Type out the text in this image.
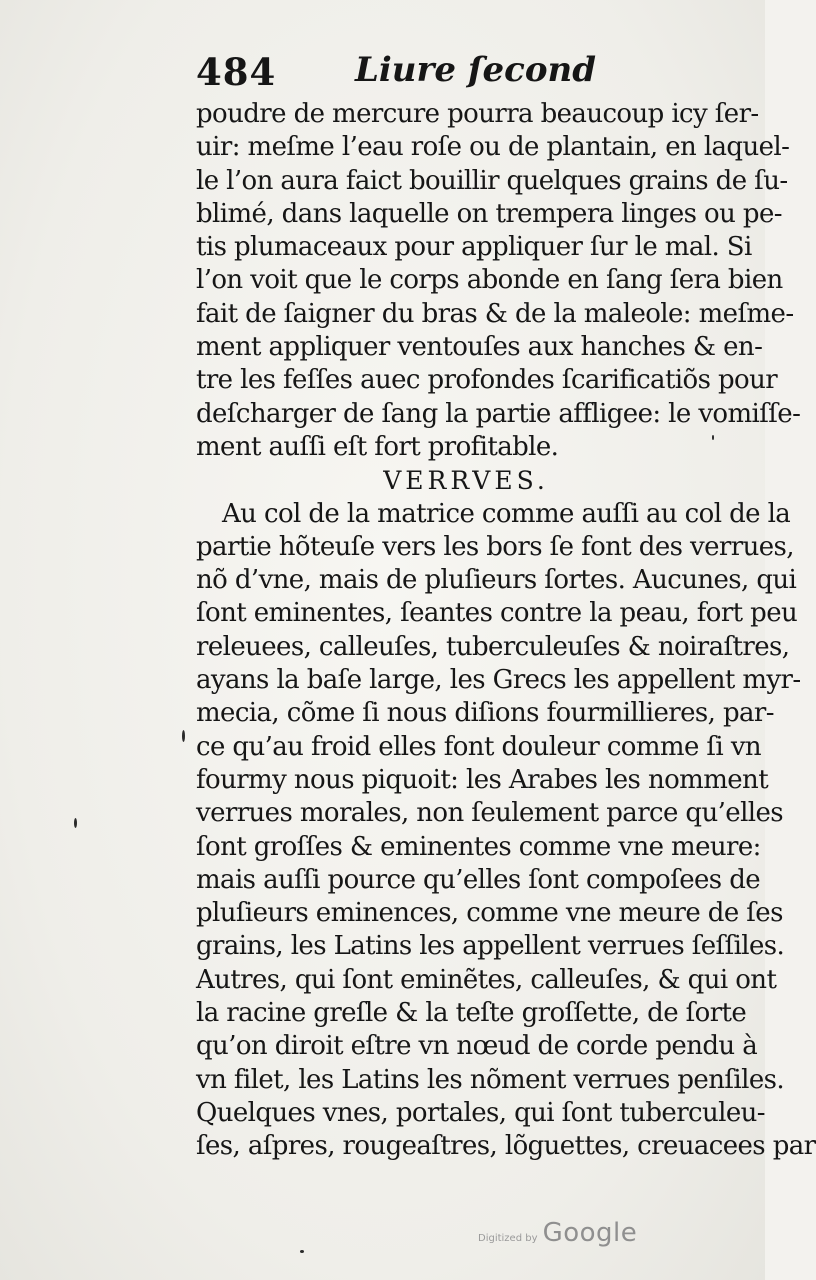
484 Liure ſecond
poudre de mercure pourra beaucoup icy ſer-
uir: meſme l’eau roſe ou de plantain, en laquel-
le l’on aura faict bouillir quelques grains de ſu-
blimé, dans laquelle on trempera linges ou pe-
tis plumaceaux pour appliquer ſur le mal. Si
l’on voit que le corps abonde en ſang ſera bien
fait de ſaigner du bras & de la maleole: meſme-
ment appliquer ventouſes aux hanches & en-
tre les feſſes auec profondes ſcarificatiõs pour
deſcharger de ſang la partie affligee: le vomiſſe-
ment auſſi eſt fort profitable.
VERRVES.
Au col de la matrice comme auſſi au col de la
partie hõteuſe vers les bors ſe font des verrues,
nõ d’vne, mais de pluſieurs ſortes. Aucunes, qui
ſont eminentes, ſeantes contre la peau, fort peu
releuees, calleuſes, tuberculeuſes & noiraſtres,
ayans la baſe large, les Grecs les appellent myr-
mecia, cõme ſi nous diſions fourmillieres, par-
ce qu’au froid elles font douleur comme ſi vn
fourmy nous piquoit: les Arabes les nomment
verrues morales, non ſeulement parce qu’elles
ſont groſſes & eminentes comme vne meure:
mais auſſi pource qu’elles ſont compoſees de
pluſieurs eminences, comme vne meure de ſes
grains, les Latins les appellent verrues ſeſſiles.
Autres, qui ſont eminẽtes, calleuſes, & qui ont
la racine greſle & la teſte groſſette, de ſorte
qu’on diroit eſtre vn nœud de corde pendu à
vn filet, les Latins les nõment verrues penſiles.
Quelques vnes, portales, qui ſont tuberculeu-
ſes, aſpres, rougeaſtres, lõguettes, creuacees par
Digitized by Google
